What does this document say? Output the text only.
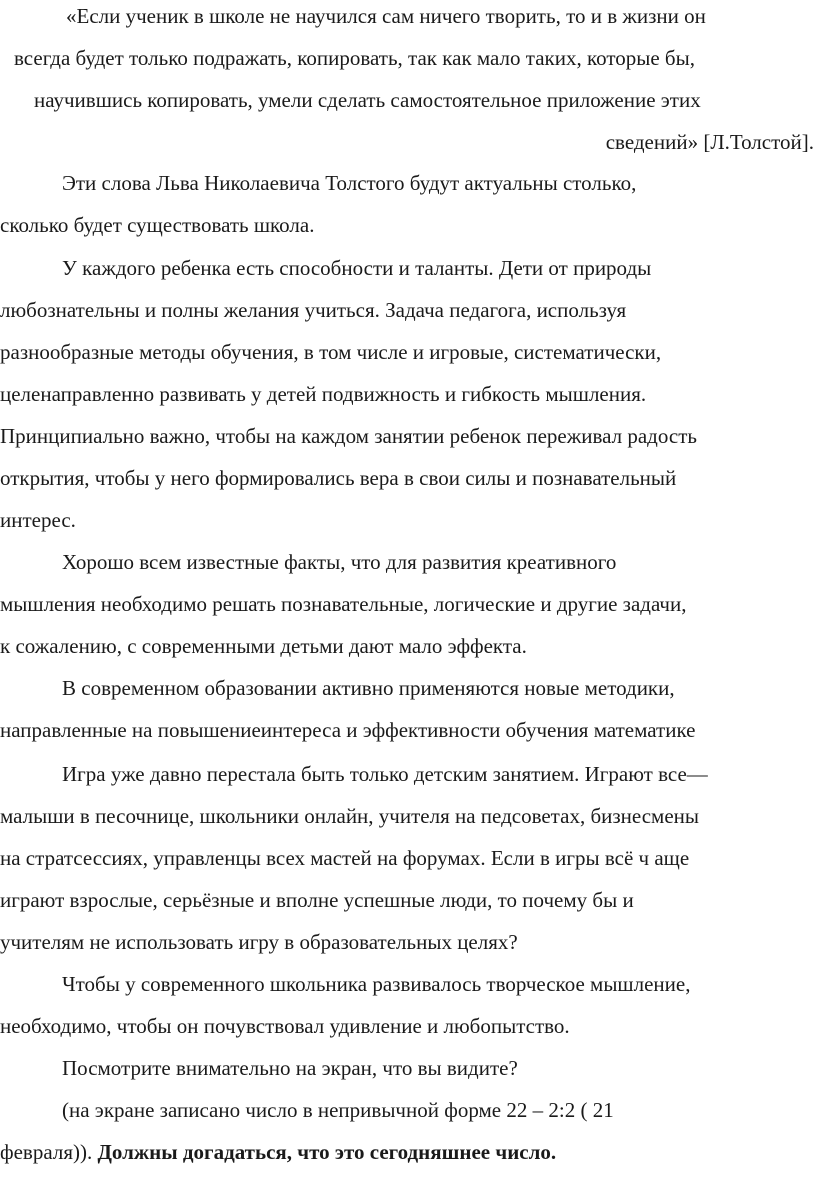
«Если ученик в школе не научился сам ничего творить, то и в жизни он
всегда будет только подражать, копировать, так как мало таких, которые бы,
научившись копировать, умели сделать самостоятельное приложение этих
сведений» [Л.Толстой].
Эти слова Льва Николаевича Толстого будут актуальны столько,
сколько будет существовать школа.
У каждого ребенка есть способности и таланты. Дети от природы
любознательны и полны желания учиться. Задача педагога, используя
разнообразные методы обучения, в том числе и игровые, систематически,
целенаправленно развивать у детей подвижность и гибкость мышления.
Принципиально важно, чтобы на каждом занятии ребенок переживал радость
открытия, чтобы у него формировались вера в свои силы и познавательный
интерес.
Хорошо всем известные факты, что для развития креативного
мышления необходимо решать познавательные, логические и другие задачи,
к сожалению, с современными детьми дают мало эффекта.
В современном образовании активно применяются новые методики,
направленные на повышениеинтереса и эффективности обучения математике
Игра уже давно перестала быть только детским занятием. Играют все—
малыши в песочнице, школьники онлайн, учителя на педсоветах, бизнесмены
на стратсессиях, управленцы всех мастей на форумах. Если в игры всё ч аще
играют взрослые, серьёзные и вполне успешные люди, то почему бы и
учителям не использовать игру в образовательных целях?
Чтобы у современного школьника развивалось творческое мышление,
необходимо, чтобы он почувствовал удивление и любопытство.
Посмотрите внимательно на экран, что вы видите?
(на экране записано число в непривычной форме 22 – 2:2 ( 21
февраля)). Должны догадаться, что это сегодняшнее число.
